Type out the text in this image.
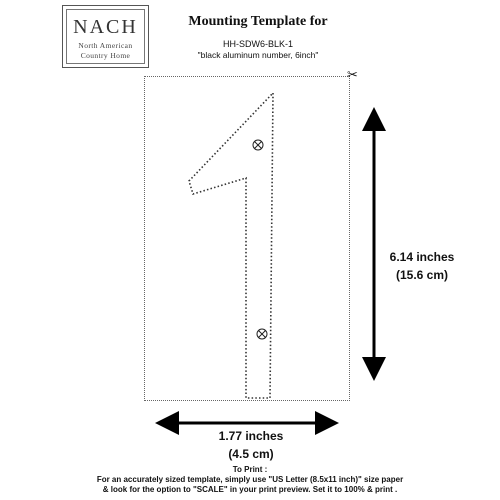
NACH
North American
Country Home
Mounting Template for
HH-SDW6-BLK-1
"black aluminum number, 6inch"
✂
6.14 inches
(15.6 cm)
1.77 inches
(4.5 cm)
To Print :
For an accurately sized template, simply use "US Letter (8.5x11 inch)" size paper
& look for the option to "SCALE" in your print preview. Set it to 100% & print .
